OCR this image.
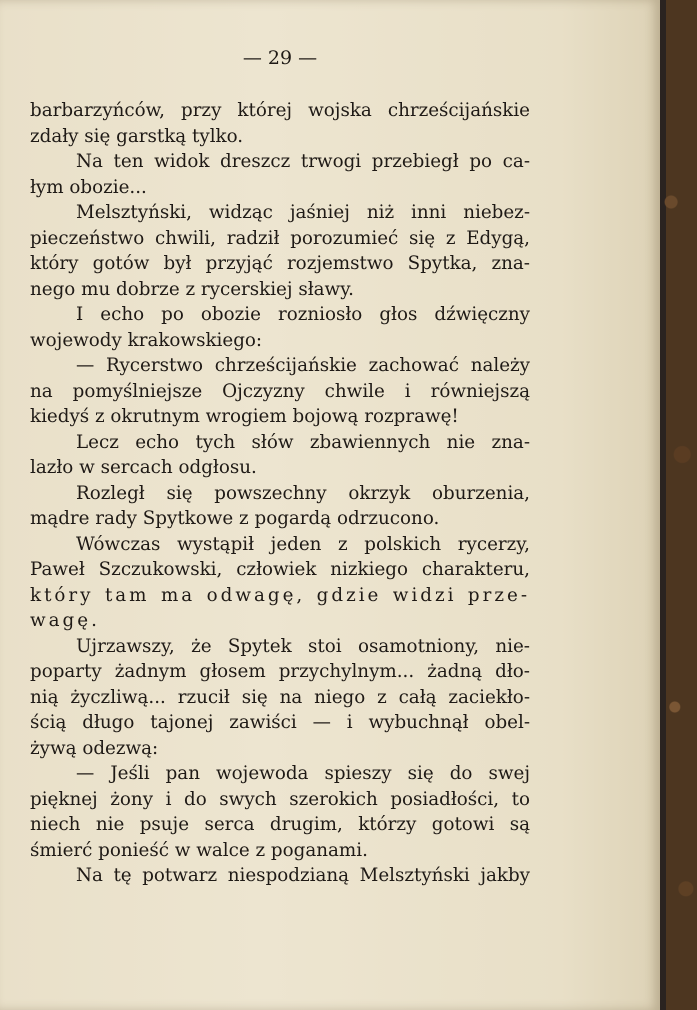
— 29 —
barbarzyńców, przy której wojska chrześcijańskie
zdały się garstką tylko.
Na ten widok dreszcz trwogi przebiegł po ca-
łym obozie...
Melsztyński, widząc jaśniej niż inni niebez-
pieczeństwo chwili, radził porozumieć się z Edygą,
który gotów był przyjąć rozjemstwo Spytka, zna-
nego mu dobrze z rycerskiej sławy.
I echo po obozie rozniosło głos dźwięczny
wojewody krakowskiego:
— Rycerstwo chrześcijańskie zachować należy
na pomyślniejsze Ojczyzny chwile i równiejszą
kiedyś z okrutnym wrogiem bojową rozprawę!
Lecz echo tych słów zbawiennych nie zna-
lazło w sercach odgłosu.
Rozległ się powszechny okrzyk oburzenia,
mądre rady Spytkowe z pogardą odrzucono.
Wówczas wystąpił jeden z polskich rycerzy,
Paweł Szczukowski, człowiek nizkiego charakteru,
który tam ma odwagę, gdzie widzi prze-
wagę.
Ujrzawszy, że Spytek stoi osamotniony, nie-
poparty żadnym głosem przychylnym... żadną dło-
nią życzliwą... rzucił się na niego z całą zaciekło-
ścią długo tajonej zawiści — i wybuchnął obel-
żywą odezwą:
— Jeśli pan wojewoda spieszy się do swej
pięknej żony i do swych szerokich posiadłości, to
niech nie psuje serca drugim, którzy gotowi są
śmierć ponieść w walce z poganami.
Na tę potwarz niespodzianą Melsztyński jakby
